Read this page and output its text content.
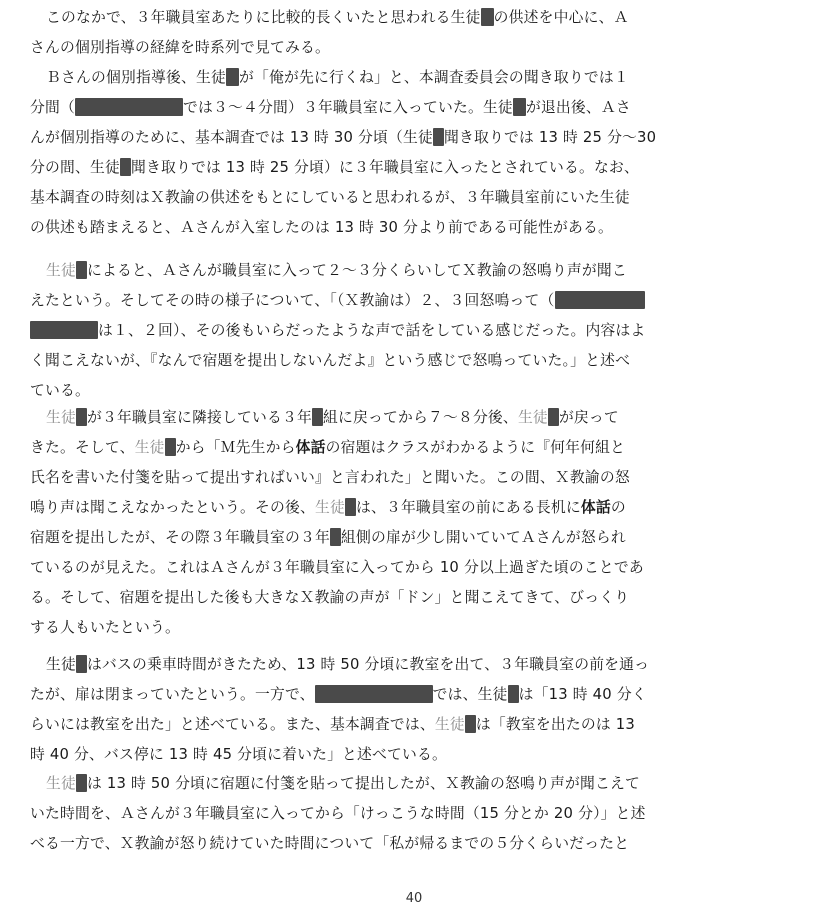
このなかで、３年職員室あたりに比較的長くいたと思われる生徒 の供述を中心に、Ａ
さんの個別指導の経緯を時系列で見てみる。
Ｂさんの個別指導後、生徒 が「俺が先に行くね」と、本調査委員会の聞き取りでは１
分間（	では３～４分間）３年職員室に入っていた。生徒 が退出後、Ａさ
んが個別指導のために、基本調査では 13 時 30 分頃（生徒 聞き取りでは 13 時 25 分～30
分の間、生徒 聞き取りでは 13 時 25 分頃）に３年職員室に入ったとされている。なお、
基本調査の時刻はＸ教諭の供述をもとにしていると思われるが、３年職員室前にいた生徒
の供述も踏まえると、Ａさんが入室したのは 13 時 30 分より前である可能性がある。
生徒 によると、Ａさんが職員室に入って２～３分くらいしてＸ教諭の怒鳴り声が聞こ
えたという。そしてその時の様子について、「（Ｘ教諭は）２、３回怒鳴って（
は１、２回）、その後もいらだったような声で話をしている感じだった。内容はよ
く聞こえないが、『なんで宿題を提出しないんだよ』という感じで怒鳴っていた。」と述べ
ている。
生徒 が３年職員室に隣接している３年 組に戻ってから７～８分後、生徒 が戻って
きた。そして、生徒 から「Ｍ先生から体話の宿題はクラスがわかるように『何年何組と
氏名を書いた付箋を貼って提出すればいい』と言われた」と聞いた。この間、Ｘ教諭の怒
鳴り声は聞こえなかったという。その後、生徒 は、３年職員室の前にある長机に体話の
宿題を提出したが、その際３年職員室の３年 組側の扉が少し開いていてＡさんが怒られ
ているのが見えた。これはＡさんが３年職員室に入ってから 10 分以上過ぎた頃のことであ
る。そして、宿題を提出した後も大きなＸ教諭の声が「ドン」と聞こえてきて、びっくり
する人もいたという。
生徒 はバスの乗車時間がきたため、13 時 50 分頃に教室を出て、３年職員室の前を通っ
たが、扉は閉まっていたという。一方で、	では、生徒 は「13 時 40 分く
らいには教室を出た」と述べている。また、基本調査では、生徒 は「教室を出たのは 13
時 40 分、バス停に 13 時 45 分頃に着いた」と述べている。
生徒 は 13 時 50 分頃に宿題に付箋を貼って提出したが、Ｘ教諭の怒鳴り声が聞こえて
いた時間を、Ａさんが３年職員室に入ってから「けっこうな時間（15 分とか 20 分）」と述
べる一方で、Ｘ教諭が怒り続けていた時間について「私が帰るまでの５分くらいだったと
40
